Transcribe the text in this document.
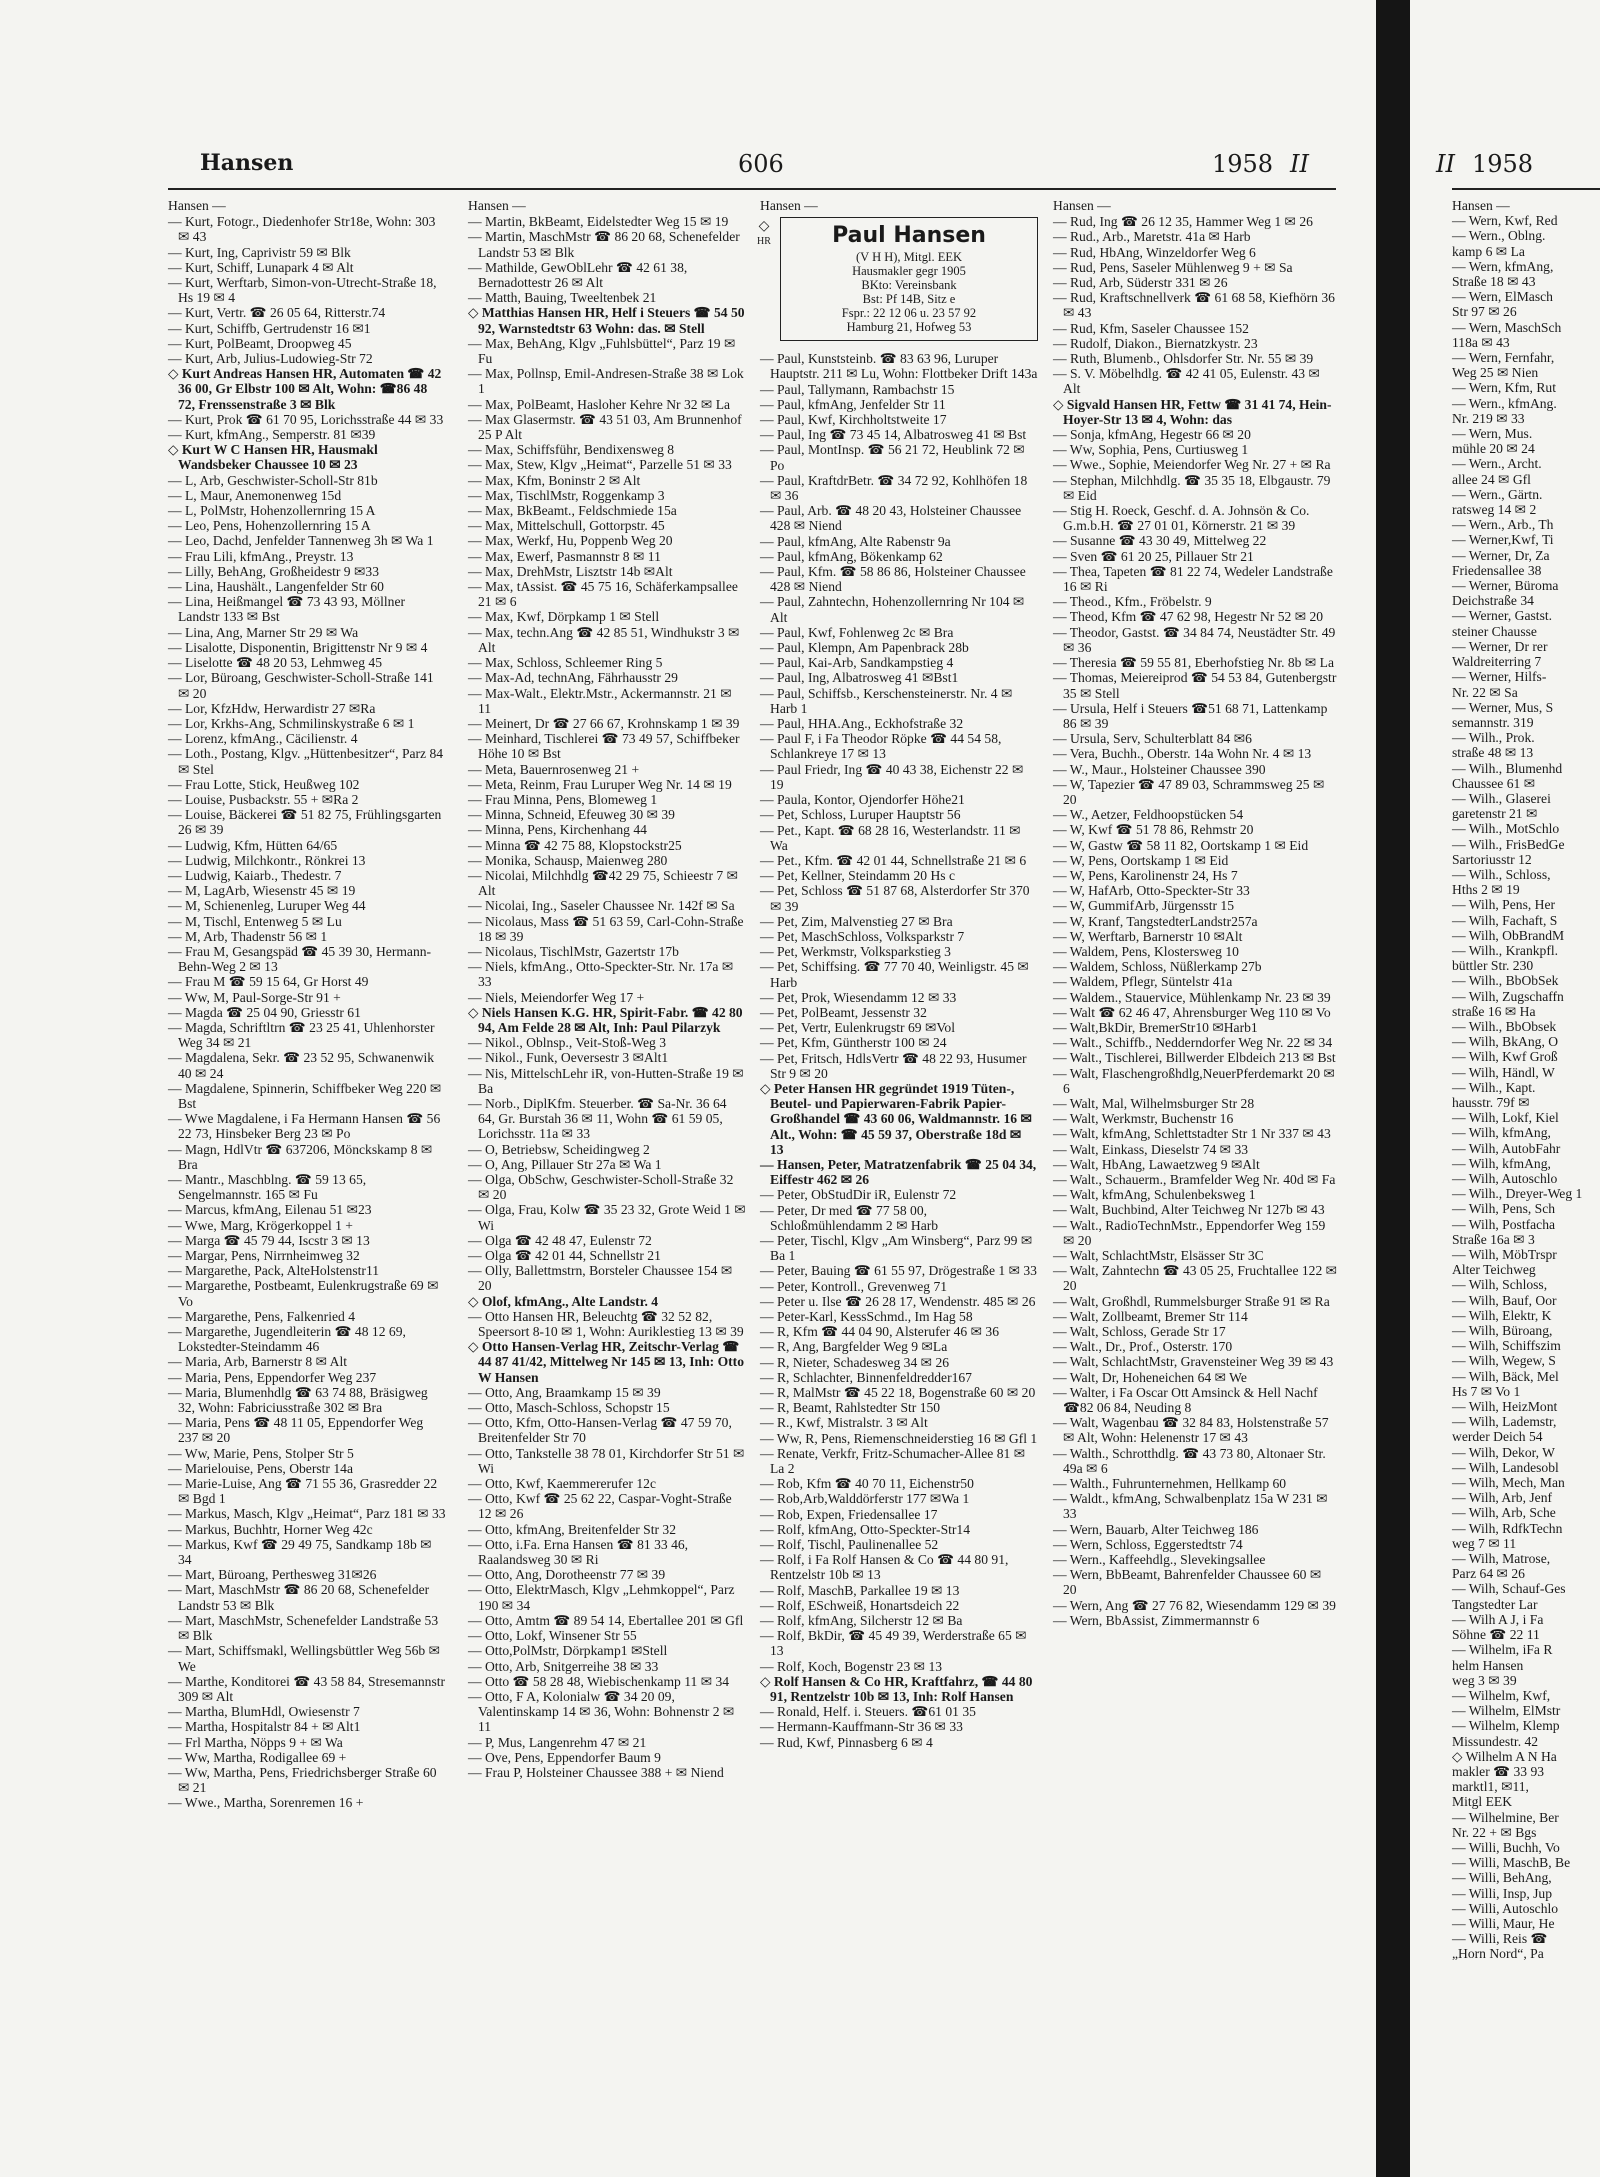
Hansen	606	1958 II
Hansen —
— Kurt, Fotogr., Diedenhofer Str18e, Wohn: 303 ✉ 43
— Kurt, Ing, Caprivistr 59 ✉ Blk
— Kurt, Schiff, Lunapark 4 ✉ Alt
— Kurt, Werftarb, Simon-von-Utrecht-Straße 18, Hs 19 ✉ 4
— Kurt, Vertr. ☎ 26 05 64, Ritterstr.74
— Kurt, Schiffb, Gertrudenstr 16 ✉1
— Kurt, PolBeamt, Droopweg 45
— Kurt, Arb, Julius-Ludowieg-Str 72
◇ Kurt Andreas Hansen HR, Automaten ☎ 42 36 00, Gr Elbstr 100 ✉ Alt, Wohn: ☎86 48 72, Frenssenstraße 3 ✉ Blk
— Kurt, Prok ☎ 61 70 95, Lorichsstraße 44 ✉ 33
— Kurt, kfmAng., Semperstr. 81 ✉39
◇ Kurt W C Hansen HR, Hausmakl Wandsbeker Chaussee 10 ✉ 23
— L, Arb, Geschwister-Scholl-Str 81b
— L, Maur, Anemonenweg 15d
— L, PolMstr, Hohenzollernring 15 A
— Leo, Pens, Hohenzollernring 15 A
— Leo, Dachd, Jenfelder Tannenweg 3h ✉ Wa 1
— Frau Lili, kfmAng., Preystr. 13
— Lilly, BehAng, Großheidestr 9 ✉33
— Lina, Haushält., Langenfelder Str 60
— Lina, Heißmangel ☎ 73 43 93, Möllner Landstr 133 ✉ Bst
— Lina, Ang, Marner Str 29 ✉ Wa
— Lisalotte, Disponentin, Brigittenstr Nr 9 ✉ 4
— Liselotte ☎ 48 20 53, Lehmweg 45
— Lor, Büroang, Geschwister-Scholl-Straße 141 ✉ 20
— Lor, KfzHdw, Herwardistr 27 ✉Ra
— Lor, Krkhs-Ang, Schmilinskystraße 6 ✉ 1
— Lorenz, kfmAng., Cäcilienstr. 4
— Loth., Postang, Klgv. „Hüttenbesitzer“, Parz 84 ✉ Stel
— Frau Lotte, Stick, Heußweg 102
— Louise, Pusbackstr. 55 + ✉Ra 2
— Louise, Bäckerei ☎ 51 82 75, Frühlingsgarten 26 ✉ 39
— Ludwig, Kfm, Hütten 64/65
— Ludwig, Milchkontr., Rönkrei 13
— Ludwig, Kaiarb., Thedestr. 7
— M, LagArb, Wiesenstr 45 ✉ 19
— M, Schienenleg, Luruper Weg 44
— M, Tischl, Entenweg 5 ✉ Lu
— M, Arb, Thadenstr 56 ✉ 1
— Frau M, Gesangspäd ☎ 45 39 30, Hermann-Behn-Weg 2 ✉ 13
— Frau M ☎ 59 15 64, Gr Horst 49
— Ww, M, Paul-Sorge-Str 91 +
— Magda ☎ 25 04 90, Griesstr 61
— Magda, Schriftltrn ☎ 23 25 41, Uhlenhorster Weg 34 ✉ 21
— Magdalena, Sekr. ☎ 23 52 95, Schwanenwik 40 ✉ 24
— Magdalene, Spinnerin, Schiffbeker Weg 220 ✉ Bst
— Wwe Magdalene, i Fa Hermann Hansen ☎ 56 22 73, Hinsbeker Berg 23 ✉ Po
— Magn, HdlVtr ☎ 637206, Mönckskamp 8 ✉ Bra
— Mantr., Maschblng. ☎ 59 13 65, Sengelmannstr. 165 ✉ Fu
— Marcus, kfmAng, Eilenau 51 ✉23
— Wwe, Marg, Krögerkoppel 1 +
— Marga ☎ 45 79 44, Iscstr 3 ✉ 13
— Margar, Pens, Nirrnheimweg 32
— Margarethe, Pack, AlteHolstenstr11
— Margarethe, Postbeamt, Eulenkrugstraße 69 ✉ Vo
— Margarethe, Pens, Falkenried 4
— Margarethe, Jugendleiterin ☎ 48 12 69, Lokstedter-Steindamm 46
— Maria, Arb, Barnerstr 8 ✉ Alt
— Maria, Pens, Eppendorfer Weg 237
— Maria, Blumenhdlg ☎ 63 74 88, Bräsigweg 32, Wohn: Fabriciusstraße 302 ✉ Bra
— Maria, Pens ☎ 48 11 05, Eppendorfer Weg 237 ✉ 20
— Ww, Marie, Pens, Stolper Str 5
— Marielouise, Pens, Oberstr 14a
— Marie-Luise, Ang ☎ 71 55 36, Grasredder 22 ✉ Bgd 1
— Markus, Masch, Klgv „Heimat“, Parz 181 ✉ 33
— Markus, Buchhtr, Horner Weg 42c
— Markus, Kwf ☎ 29 49 75, Sandkamp 18b ✉ 34
— Mart, Büroang, Perthesweg 31✉26
— Mart, MaschMstr ☎ 86 20 68, Schenefelder Landstr 53 ✉ Blk
— Mart, MaschMstr, Schenefelder Landstraße 53 ✉ Blk
— Mart, Schiffsmakl, Wellingsbüttler Weg 56b ✉ We
— Marthe, Konditorei ☎ 43 58 84, Stresemannstr 309 ✉ Alt
— Martha, BlumHdl, Owiesenstr 7
— Martha, Hospitalstr 84 + ✉ Alt1
— Frl Martha, Nöpps 9 + ✉ Wa
— Ww, Martha, Rodigallee 69 +
— Ww, Martha, Pens, Friedrichsberger Straße 60 ✉ 21
— Wwe., Martha, Sorenremen 16 +
Hansen —
— Martin, BkBeamt, Eidelstedter Weg 15 ✉ 19
— Martin, MaschMstr ☎ 86 20 68, Schenefelder Landstr 53 ✉ Blk
— Mathilde, GewOblLehr ☎ 42 61 38, Bernadottestr 26 ✉ Alt
— Matth, Bauing, Tweeltenbek 21
◇ Matthias Hansen HR, Helf i Steuers ☎ 54 50 92, Warnstedtstr 63 Wohn: das. ✉ Stell
— Max, BehAng, Klgv „Fuhlsbüttel“, Parz 19 ✉ Fu
— Max, Pollnsp, Emil-Andresen-Straße 38 ✉ Lok 1
— Max, PolBeamt, Hasloher Kehre Nr 32 ✉ La
— Max Glasermstr. ☎ 43 51 03, Am Brunnenhof 25 P Alt
— Max, Schiffsführ, Bendixensweg 8
— Max, Stew, Klgv „Heimat“, Parzelle 51 ✉ 33
— Max, Kfm, Boninstr 2 ✉ Alt
— Max, TischlMstr, Roggenkamp 3
— Max, BkBeamt., Feldschmiede 15a
— Max, Mittelschull, Gottorpstr. 45
— Max, Werkf, Hu, Poppenb Weg 20
— Max, Ewerf, Pasmannstr 8 ✉ 11
— Max, DrehMstr, Lisztstr 14b ✉Alt
— Max, tAssist. ☎ 45 75 16, Schäferkampsallee 21 ✉ 6
— Max, Kwf, Dörpkamp 1 ✉ Stell
— Max, techn.Ang ☎ 42 85 51, Windhukstr 3 ✉ Alt
— Max, Schloss, Schleemer Ring 5
— Max-Ad, technAng, Fährhausstr 29
— Max-Walt., Elektr.Mstr., Ackermannstr. 21 ✉ 11
— Meinert, Dr ☎ 27 66 67, Krohnskamp 1 ✉ 39
— Meinhard, Tischlerei ☎ 73 49 57, Schiffbeker Höhe 10 ✉ Bst
— Meta, Bauernrosenweg 21 +
— Meta, Reinm, Frau Luruper Weg Nr. 14 ✉ 19
— Frau Minna, Pens, Blomeweg 1
— Minna, Schneid, Efeuweg 30 ✉ 39
— Minna, Pens, Kirchenhang 44
— Minna ☎ 42 75 88, Klopstockstr25
— Monika, Schausp, Maienweg 280
— Nicolai, Milchhdlg ☎42 29 75, Schieestr 7 ✉ Alt
— Nicolai, Ing., Saseler Chaussee Nr. 142f ✉ Sa
— Nicolaus, Mass ☎ 51 63 59, Carl-Cohn-Straße 18 ✉ 39
— Nicolaus, TischlMstr, Gazertstr 17b
— Niels, kfmAng., Otto-Speckter-Str. Nr. 17a ✉ 33
— Niels, Meiendorfer Weg 17 +
◇ Niels Hansen K.G. HR, Spirit-Fabr. ☎ 42 80 94, Am Felde 28 ✉ Alt, Inh: Paul Pilarzyk
— Nikol., Oblnsp., Veit-Stoß-Weg 3
— Nikol., Funk, Oeversestr 3 ✉Alt1
— Nis, MittelschLehr iR, von-Hutten-Straße 19 ✉ Ba
— Norb., DiplKfm. Steuerber. ☎ Sa-Nr. 36 64 64, Gr. Burstah 36 ✉ 11, Wohn ☎ 61 59 05, Lorichsstr. 11a ✉ 33
— O, Betriebsw, Scheidingweg 2
— O, Ang, Pillauer Str 27a ✉ Wa 1
— Olga, ObSchw, Geschwister-Scholl-Straße 32 ✉ 20
— Olga, Frau, Kolw ☎ 35 23 32, Grote Weid 1 ✉ Wi
— Olga ☎ 42 48 47, Eulenstr 72
— Olga ☎ 42 01 44, Schnellstr 21
— Olly, Ballettmstrn, Borsteler Chaussee 154 ✉ 20
◇ Olof, kfmAng., Alte Landstr. 4
— Otto Hansen HR, Beleuchtg ☎ 32 52 82, Speersort 8-10 ✉ 1, Wohn: Auriklestieg 13 ✉ 39
◇ Otto Hansen-Verlag HR, Zeitschr-Verlag ☎ 44 87 41/42, Mittelweg Nr 145 ✉ 13, Inh: Otto W Hansen
— Otto, Ang, Braamkamp 15 ✉ 39
— Otto, Masch-Schloss, Schopstr 15
— Otto, Kfm, Otto-Hansen-Verlag ☎ 47 59 70, Breitenfelder Str 70
— Otto, Tankstelle 38 78 01, Kirchdorfer Str 51 ✉ Wi
— Otto, Kwf, Kaemmererufer 12c
— Otto, Kwf ☎ 25 62 22, Caspar-Voght-Straße 12 ✉ 26
— Otto, kfmAng, Breitenfelder Str 32
— Otto, i.Fa. Erna Hansen ☎ 81 33 46, Raalandsweg 30 ✉ Ri
— Otto, Ang, Dorotheenstr 77 ✉ 39
— Otto, ElektrMasch, Klgv „Lehmkoppel“, Parz 190 ✉ 34
— Otto, Amtm ☎ 89 54 14, Ebertallee 201 ✉ Gfl
— Otto, Lokf, Winsener Str 55
— Otto,PolMstr, Dörpkamp1 ✉Stell
— Otto, Arb, Snitgerreihe 38 ✉ 33
— Otto ☎ 58 28 48, Wiebischenkamp 11 ✉ 34
— Otto, F A, Kolonialw ☎ 34 20 09, Valentinskamp 14 ✉ 36, Wohn: Bohnenstr 2 ✉ 11
— P, Mus, Langenrehm 47 ✉ 21
— Ove, Pens, Eppendorfer Baum 9
— Frau P, Holsteiner Chaussee 388 + ✉ Niend
Hansen —
◇
HR	Paul Hansen
(V H H), Mitgl. EEK
Hausmakler gegr 1905
BKto: Vereinsbank
Bst: Pf 14B, Sitz e
Fspr.: 22 12 06 u. 23 57 92
Hamburg 21, Hofweg 53
— Paul, Kunststeinb. ☎ 83 63 96, Luruper Hauptstr. 211 ✉ Lu, Wohn: Flottbeker Drift 143a
— Paul, Tallymann, Rambachstr 15
— Paul, kfmAng, Jenfelder Str 11
— Paul, Kwf, Kirchholtstweite 17
— Paul, Ing ☎ 73 45 14, Albatrosweg 41 ✉ Bst
— Paul, MontInsp. ☎ 56 21 72, Heublink 72 ✉ Po
— Paul, KraftdrBetr. ☎ 34 72 92, Kohlhöfen 18 ✉ 36
— Paul, Arb. ☎ 48 20 43, Holsteiner Chaussee 428 ✉ Niend
— Paul, kfmAng, Alte Rabenstr 9a
— Paul, kfmAng, Bökenkamp 62
— Paul, Kfm. ☎ 58 86 86, Holsteiner Chaussee 428 ✉ Niend
— Paul, Zahntechn, Hohenzollernring Nr 104 ✉ Alt
— Paul, Kwf, Fohlenweg 2c ✉ Bra
— Paul, Klempn, Am Papenbrack 28b
— Paul, Kai-Arb, Sandkampstieg 4
— Paul, Ing, Albatrosweg 41 ✉Bst1
— Paul, Schiffsb., Kerschensteinerstr. Nr. 4 ✉ Harb 1
— Paul, HHA.Ang., Eckhofstraße 32
— Paul F, i Fa Theodor Röpke ☎ 44 54 58, Schlankreye 17 ✉ 13
— Paul Friedr, Ing ☎ 40 43 38, Eichenstr 22 ✉ 19
— Paula, Kontor, Ojendorfer Höhe21
— Pet, Schloss, Luruper Hauptstr 56
— Pet., Kapt. ☎ 68 28 16, Westerlandstr. 11 ✉ Wa
— Pet., Kfm. ☎ 42 01 44, Schnellstraße 21 ✉ 6
— Pet, Kellner, Steindamm 20 Hs c
— Pet, Schloss ☎ 51 87 68, Alsterdorfer Str 370 ✉ 39
— Pet, Zim, Malvenstieg 27 ✉ Bra
— Pet, MaschSchloss, Volksparkstr 7
— Pet, Werkmstr, Volksparkstieg 3
— Pet, Schiffsing. ☎ 77 70 40, Weinligstr. 45 ✉ Harb
— Pet, Prok, Wiesendamm 12 ✉ 33
— Pet, PolBeamt, Jessenstr 32
— Pet, Vertr, Eulenkrugstr 69 ✉Vol
— Pet, Kfm, Güntherstr 100 ✉ 24
— Pet, Fritsch, HdlsVertr ☎ 48 22 93, Husumer Str 9 ✉ 20
◇ Peter Hansen HR gegründet 1919 Tüten-, Beutel- und Papierwaren-Fabrik Papier-Großhandel ☎ 43 60 06, Waldmannstr. 16 ✉ Alt., Wohn: ☎ 45 59 37, Oberstraße 18d ✉ 13
— Hansen, Peter, Matratzenfabrik ☎ 25 04 34, Eiffestr 462 ✉ 26
— Peter, ObStudDir iR, Eulenstr 72
— Peter, Dr med ☎ 77 58 00, Schloßmühlendamm 2 ✉ Harb
— Peter, Tischl, Klgv „Am Winsberg“, Parz 99 ✉ Ba 1
— Peter, Bauing ☎ 61 55 97, Drögestraße 1 ✉ 33
— Peter, Kontroll., Grevenweg 71
— Peter u. Ilse ☎ 26 28 17, Wendenstr. 485 ✉ 26
— Peter-Karl, KessSchmd., Im Hag 58
— R, Kfm ☎ 44 04 90, Alsterufer 46 ✉ 36
— R, Ang, Bargfelder Weg 9 ✉La
— R, Nieter, Schadesweg 34 ✉ 26
— R, Schlachter, Binnenfeldredder167
— R, MalMstr ☎ 45 22 18, Bogenstraße 60 ✉ 20
— R, Beamt, Rahlstedter Str 150
— R., Kwf, Mistralstr. 3 ✉ Alt
— Ww, R, Pens, Riemenschneiderstieg 16 ✉ Gfl 1
— Renate, Verkfr, Fritz-Schumacher-Allee 81 ✉ La 2
— Rob, Kfm ☎ 40 70 11, Eichenstr50
— Rob,Arb,Walddörferstr 177 ✉Wa 1
— Rob, Expen, Friedensallee 17
— Rolf, kfmAng, Otto-Speckter-Str14
— Rolf, Tischl, Paulinenallee 52
— Rolf, i Fa Rolf Hansen & Co ☎ 44 80 91, Rentzelstr 10b ✉ 13
— Rolf, MaschB, Parkallee 19 ✉ 13
— Rolf, ESchweiß, Honartsdeich 22
— Rolf, kfmAng, Silcherstr 12 ✉ Ba
— Rolf, BkDir, ☎ 45 49 39, Werderstraße 65 ✉ 13
— Rolf, Koch, Bogenstr 23 ✉ 13
◇ Rolf Hansen & Co HR, Kraftfahrz, ☎ 44 80 91, Rentzelstr 10b ✉ 13, Inh: Rolf Hansen
— Ronald, Helf. i. Steuers. ☎61 01 35
— Hermann-Kauffmann-Str 36 ✉ 33
— Rud, Kwf, Pinnasberg 6 ✉ 4
Hansen —
— Rud, Ing ☎ 26 12 35, Hammer Weg 1 ✉ 26
— Rud., Arb., Maretstr. 41a ✉ Harb
— Rud, HbAng, Winzeldorfer Weg 6
— Rud, Pens, Saseler Mühlenweg 9 + ✉ Sa
— Rud, Arb, Süderstr 331 ✉ 26
— Rud, Kraftschnellverk ☎ 61 68 58, Kiefhörn 36 ✉ 43
— Rud, Kfm, Saseler Chaussee 152
— Rudolf, Diakon., Biernatzkystr. 23
— Ruth, Blumenb., Ohlsdorfer Str. Nr. 55 ✉ 39
— S. V. Möbelhdlg. ☎ 42 41 05, Eulenstr. 43 ✉ Alt
◇ Sigvald Hansen HR, Fettw ☎ 31 41 74, Hein-Hoyer-Str 13 ✉ 4, Wohn: das
— Sonja, kfmAng, Hegestr 66 ✉ 20
— Ww, Sophia, Pens, Curtiusweg 1
— Wwe., Sophie, Meiendorfer Weg Nr. 27 + ✉ Ra
— Stephan, Milchhdlg. ☎ 35 35 18, Elbgaustr. 79 ✉ Eid
— Stig H. Roeck, Geschf. d. A. Johnsön & Co. G.m.b.H. ☎ 27 01 01, Körnerstr. 21 ✉ 39
— Susanne ☎ 43 30 49, Mittelweg 22
— Sven ☎ 61 20 25, Pillauer Str 21
— Thea, Tapeten ☎ 81 22 74, Wedeler Landstraße 16 ✉ Ri
— Theod., Kfm., Fröbelstr. 9
— Theod, Kfm ☎ 47 62 98, Hegestr Nr 52 ✉ 20
— Theodor, Gastst. ☎ 34 84 74, Neustädter Str. 49 ✉ 36
— Theresia ☎ 59 55 81, Eberhofstieg Nr. 8b ✉ La
— Thomas, Meiereiprod ☎ 54 53 84, Gutenbergstr 35 ✉ Stell
— Ursula, Helf i Steuers ☎51 68 71, Lattenkamp 86 ✉ 39
— Ursula, Serv, Schulterblatt 84 ✉6
— Vera, Buchh., Oberstr. 14a Wohn Nr. 4 ✉ 13
— W., Maur., Holsteiner Chaussee 390
— W, Tapezier ☎ 47 89 03, Schrammsweg 25 ✉ 20
— W., Aetzer, Feldhoopstücken 54
— W, Kwf ☎ 51 78 86, Rehmstr 20
— W, Gastw ☎ 58 11 82, Oortskamp 1 ✉ Eid
— W, Pens, Oortskamp 1 ✉ Eid
— W, Pens, Karolinenstr 24, Hs 7
— W, HafArb, Otto-Speckter-Str 33
— W, GummifArb, Jürgensstr 15
— W, Kranf, TangstedterLandstr257a
— W, Werftarb, Barnerstr 10 ✉Alt
— Waldem, Pens, Klostersweg 10
— Waldem, Schloss, Nüßlerkamp 27b
— Waldem, Pflegr, Süntelstr 41a
— Waldem., Stauervice, Mühlenkamp Nr. 23 ✉ 39
— Walt ☎ 62 46 47, Ahrensburger Weg 110 ✉ Vo
— Walt,BkDir, BremerStr10 ✉Harb1
— Walt., Schiffb., Nedderndorfer Weg Nr. 22 ✉ 34
— Walt., Tischlerei, Billwerder Elbdeich 213 ✉ Bst
— Walt, Flaschengroßhdlg,NeuerPferdemarkt 20 ✉ 6
— Walt, Mal, Wilhelmsburger Str 28
— Walt, Werkmstr, Buchenstr 16
— Walt, kfmAng, Schlettstadter Str 1 Nr 337 ✉ 43
— Walt, Einkass, Dieselstr 74 ✉ 33
— Walt, HbAng, Lawaetzweg 9 ✉Alt
— Walt., Schauerm., Bramfelder Weg Nr. 40d ✉ Fa
— Walt, kfmAng, Schulenbeksweg 1
— Walt, Buchbind, Alter Teichweg Nr 127b ✉ 43
— Walt., RadioTechnMstr., Eppendorfer Weg 159 ✉ 20
— Walt, SchlachtMstr, Elsässer Str 3C
— Walt, Zahntechn ☎ 43 05 25, Fruchtallee 122 ✉ 20
— Walt, Großhdl, Rummelsburger Straße 91 ✉ Ra
— Walt, Zollbeamt, Bremer Str 114
— Walt, Schloss, Gerade Str 17
— Walt., Dr., Prof., Osterstr. 170
— Walt, SchlachtMstr, Gravensteiner Weg 39 ✉ 43
— Walt, Dr, Hoheneichen 64 ✉ We
— Walter, i Fa Oscar Ott Amsinck & Hell Nachf ☎82 06 84, Neuding 8
— Walt, Wagenbau ☎ 32 84 83, Holstenstraße 57 ✉ Alt, Wohn: Helenenstr 17 ✉ 43
— Walth., Schrotthdlg. ☎ 43 73 80, Altonaer Str. 49a ✉ 6
— Walth., Fuhrunternehmen, Hellkamp 60
— Waldt., kfmAng, Schwalbenplatz 15a W 231 ✉ 33
— Wern, Bauarb, Alter Teichweg 186
— Wern, Schloss, Eggerstedtstr 74
— Wern., Kaffeehdlg., Slevekingsallee
— Wern, BbBeamt, Bahrenfelder Chaussee 60 ✉ 20
— Wern, Ang ☎ 27 76 82, Wiesendamm 129 ✉ 39
— Wern, BbAssist, Zimmermannstr 6
II 1958
Hansen —
— Wern, Kwf, Red
— Wern., Oblng.
kamp 6 ✉ La
— Wern, kfmAng,
Straße 18 ✉ 43
— Wern, ElMasch
Str 97 ✉ 26
— Wern, MaschSch
118a ✉ 43
— Wern, Fernfahr,
Weg 25 ✉ Nien
— Wern, Kfm, Rut
— Wern., kfmAng.
Nr. 219 ✉ 33
— Wern, Mus.
mühle 20 ✉ 24
— Wern., Archt.
allee 24 ✉ Gfl
— Wern., Gärtn.
ratsweg 14 ✉ 2
— Wern., Arb., Th
— Werner,Kwf, Ti
— Werner, Dr, Za
Friedensallee 38
— Werner, Büroma
Deichstraße 34
— Werner, Gastst.
steiner Chausse
— Werner, Dr rer
Waldreiterring 7
— Werner, Hilfs-
Nr. 22 ✉ Sa
— Werner, Mus, S
semannstr. 319
— Wilh., Prok.
straße 48 ✉ 13
— Wilh., Blumenhd
Chaussee 61 ✉
— Wilh., Glaserei
garetenstr 21 ✉
— Wilh., MotSchlo
— Wilh., FrisBedGe
Sartoriusstr 12
— Wilh., Schloss,
Hths 2 ✉ 19
— Wilh, Pens, Her
— Wilh, Fachaft, S
— Wilh, ObBrandM
— Wilh., Krankpfl.
büttler Str. 230
— Wilh., BbObSek
— Wilh, Zugschaffn
straße 16 ✉ Ha
— Wilh., BbObsek
— Wilh, BkAng, O
— Wilh, Kwf Groß
— Wilh, Händl, W
— Wilh., Kapt.
hausstr. 79f ✉
— Wilh, Lokf, Kiel
— Wilh, kfmAng,
— Wilh, AutobFahr
— Wilh, kfmAng,
— Wilh, Autoschlo
— Wilh., Dreyer-Weg 1
— Wilh, Pens, Sch
— Wilh, Postfacha
Straße 16a ✉ 3
— Wilh, MöbTrspr
Alter Teichweg
— Wilh, Schloss,
— Wilh, Bauf, Oor
— Wilh, Elektr, K
— Wilh, Büroang,
— Wilh, Schiffszim
— Wilh, Wegew, S
— Wilh, Bäck, Mel
Hs 7 ✉ Vo 1
— Wilh, HeizMont
— Wilh, Lademstr,
werder Deich 54
— Wilh, Dekor, W
— Wilh, Landesobl
— Wilh, Mech, Man
— Wilh, Arb, Jenf
— Wilh, Arb, Sche
— Wilh, RdfkTechn
weg 7 ✉ 11
— Wilh, Matrose,
Parz 64 ✉ 26
— Wilh, Schauf-Ges
Tangstedter Lar
— Wilh A J, i Fa
Söhne ☎ 22 11
— Wilhelm, iFa R
helm Hansen
weg 3 ✉ 39
— Wilhelm, Kwf,
— Wilhelm, ElMstr
— Wilhelm, Klemp
Missundestr. 42
◇ Wilhelm A N Ha
makler ☎ 33 93
marktl1, ✉11,
Mitgl EEK
— Wilhelmine, Ber
Nr. 22 + ✉ Bgs
— Willi, Buchh, Vo
— Willi, MaschB, Be
— Willi, BehAng,
— Willi, Insp, Jup
— Willi, Autoschlo
— Willi, Maur, He
— Willi, Reis ☎
„Horn Nord“, Pa
